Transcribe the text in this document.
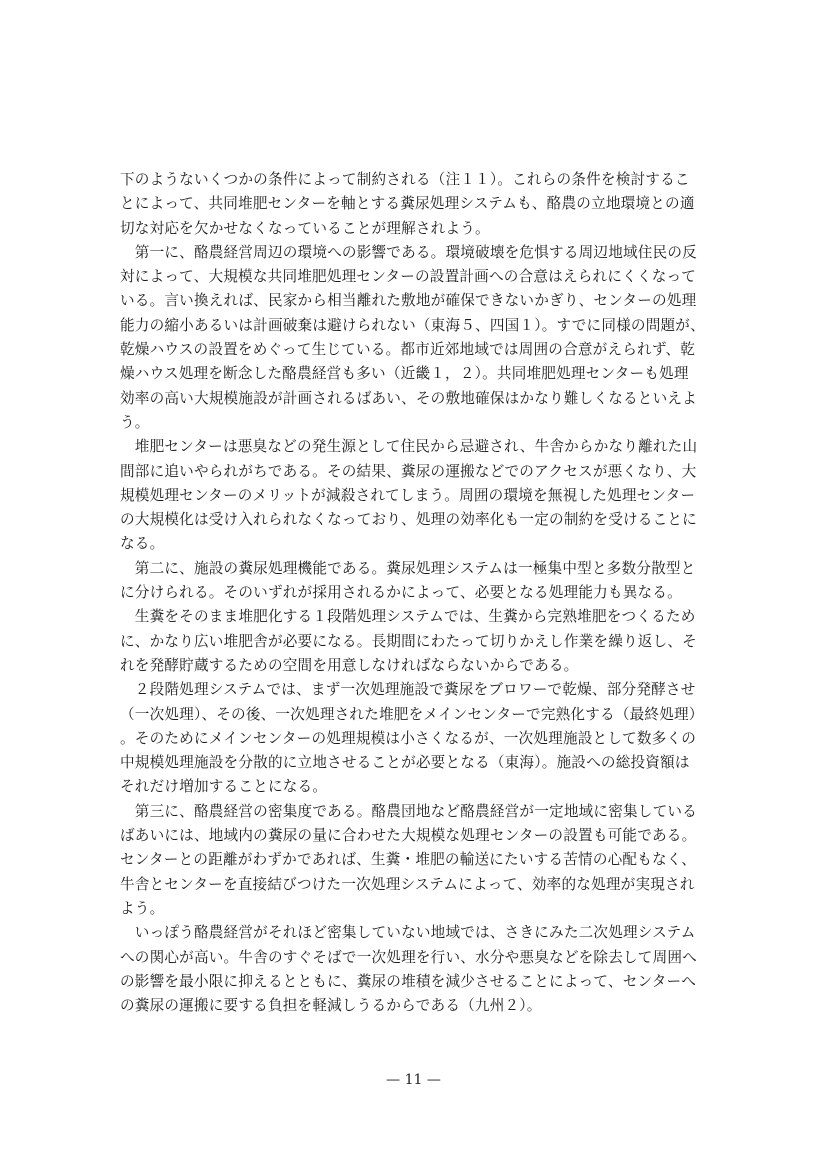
下のようないくつかの条件によって制約される（注１１）。これらの条件を検討するこ
とによって、共同堆肥センターを軸とする糞尿処理システムも、酪農の立地環境との適
切な対応を欠かせなくなっていることが理解されよう。
　第一に、酪農経営周辺の環境への影響である。環境破壊を危惧する周辺地域住民の反
対によって、大規模な共同堆肥処理センターの設置計画への合意はえられにくくなって
いる。言い換えれば、民家から相当離れた敷地が確保できないかぎり、センターの処理
能力の縮小あるいは計画破棄は避けられない（東海５、四国１）。すでに同様の問題が、
乾燥ハウスの設置をめぐって生じている。都市近郊地域では周囲の合意がえられず、乾
燥ハウス処理を断念した酪農経営も多い（近畿１，２）。共同堆肥処理センターも処理
効率の高い大規模施設が計画されるばあい、その敷地確保はかなり難しくなるといえよ
う。
　堆肥センターは悪臭などの発生源として住民から忌避され、牛舎からかなり離れた山
間部に追いやられがちである。その結果、糞尿の運搬などでのアクセスが悪くなり、大
規模処理センターのメリットが減殺されてしまう。周囲の環境を無視した処理センター
の大規模化は受け入れられなくなっており、処理の効率化も一定の制約を受けることに
なる。
　第二に、施設の糞尿処理機能である。糞尿処理システムは一極集中型と多数分散型と
に分けられる。そのいずれが採用されるかによって、必要となる処理能力も異なる。
　生糞をそのまま堆肥化する１段階処理システムでは、生糞から完熟堆肥をつくるため
に、かなり広い堆肥舎が必要になる。長期間にわたって切りかえし作業を繰り返し、そ
れを発酵貯蔵するための空間を用意しなければならないからである。
　２段階処理システムでは、まず一次処理施設で糞尿をブロワーで乾燥、部分発酵させ
（一次処理）、その後、一次処理された堆肥をメインセンターで完熟化する（最終処理）
。そのためにメインセンターの処理規模は小さくなるが、一次処理施設として数多くの
中規模処理施設を分散的に立地させることが必要となる（東海）。施設への総投資額は
それだけ増加することになる。
　第三に、酪農経営の密集度である。酪農団地など酪農経営が一定地域に密集している
ばあいには、地域内の糞尿の量に合わせた大規模な処理センターの設置も可能である。
センターとの距離がわずかであれば、生糞・堆肥の輸送にたいする苦情の心配もなく、
牛舎とセンターを直接結びつけた一次処理システムによって、効率的な処理が実現され
よう。
　いっぽう酪農経営がそれほど密集していない地域では、さきにみた二次処理システム
への関心が高い。牛舎のすぐそばで一次処理を行い、水分や悪臭などを除去して周囲へ
の影響を最小限に抑えるとともに、糞尿の堆積を減少させることによって、センターへ
の糞尿の運搬に要する負担を軽減しうるからである（九州２）。
— 11 —
